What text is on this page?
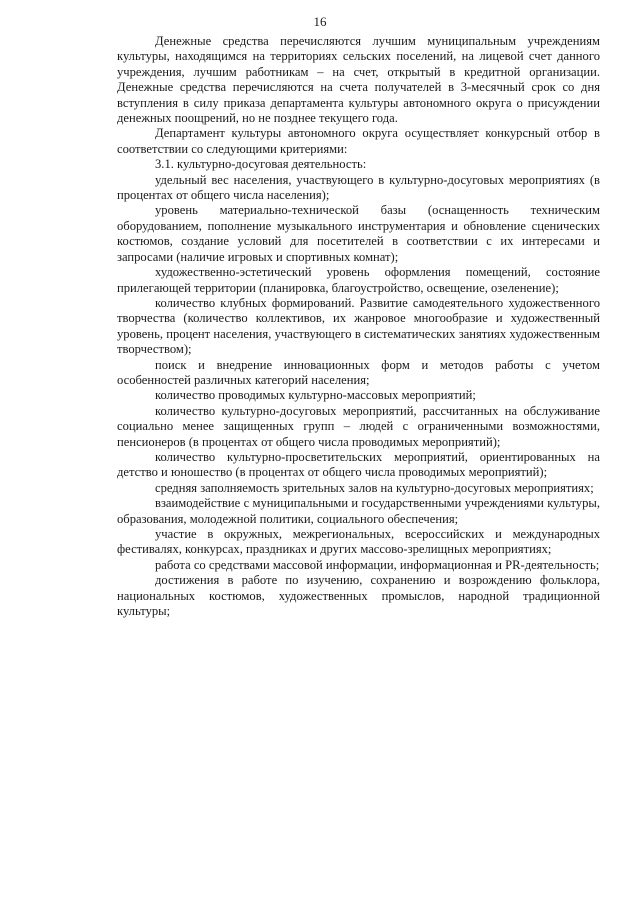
16

Денежные средства перечисляются лучшим муниципальным учреждениям культуры, находящимся на территориях сельских поселений, на лицевой счет данного учреждения, лучшим работникам – на счет, открытый в кредитной организации. Денежные средства перечисляются на счета получателей в 3-месячный срок со дня вступления в силу приказа департамента культуры автономного округа о присуждении денежных поощрений, но не позднее текущего года.

Департамент культуры автономного округа осуществляет конкурсный отбор в соответствии со следующими критериями:

3.1. культурно-досуговая деятельность:

удельный вес населения, участвующего в культурно-досуговых мероприятиях (в процентах от общего числа населения);

уровень материально-технической базы (оснащенность техническим оборудованием, пополнение музыкального инструментария и обновление сценических костюмов, создание условий для посетителей в соответствии с их интересами и запросами (наличие игровых и спортивных комнат);

художественно-эстетический уровень оформления помещений, состояние прилегающей территории (планировка, благоустройство, освещение, озеленение);

количество клубных формирований. Развитие самодеятельного художественного творчества (количество коллективов, их жанровое многообразие и художественный уровень, процент населения, участвующего в систематических занятиях художественным творчеством);

поиск и внедрение инновационных форм и методов работы с учетом особенностей различных категорий населения;

количество проводимых культурно-массовых мероприятий;

количество культурно-досуговых мероприятий, рассчитанных на обслуживание социально менее защищенных групп – людей с ограниченными возможностями, пенсионеров (в процентах от общего числа проводимых мероприятий);

количество культурно-просветительских мероприятий, ориентированных на детство и юношество (в процентах от общего числа проводимых мероприятий);

средняя заполняемость зрительных залов на культурно-досуговых мероприятиях;

взаимодействие с муниципальными и государственными учреждениями культуры, образования, молодежной политики, социального обеспечения;

участие в окружных, межрегиональных, всероссийских и международных фестивалях, конкурсах, праздниках и других массово-зрелищных мероприятиях;

работа со средствами массовой информации, информационная и PR-деятельность;

достижения в работе по изучению, сохранению и возрождению фольклора, национальных костюмов, художественных промыслов, народной традиционной культуры;
